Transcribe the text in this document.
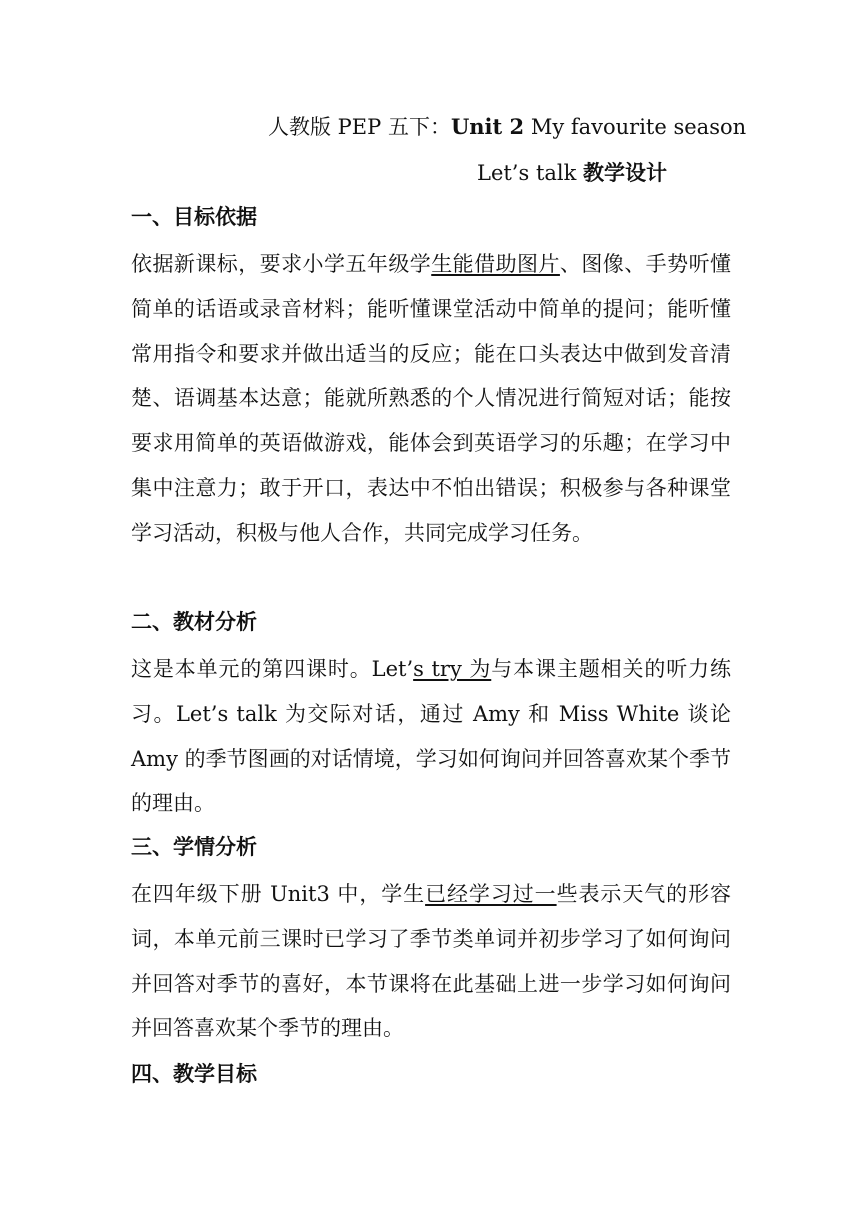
人教版 PEP 五下：Unit 2 My favourite season
Let’s talk 教学设计
一、目标依据
依据新课标，要求小学五年级学生能借助图片、图像、手势听懂简单的话语或录音材料；能听懂课堂活动中简单的提问；能听懂常用指令和要求并做出适当的反应；能在口头表达中做到发音清楚、语调基本达意；能就所熟悉的个人情况进行简短对话；能按要求用简单的英语做游戏，能体会到英语学习的乐趣；在学习中集中注意力；敢于开口，表达中不怕出错误；积极参与各种课堂学习活动，积极与他人合作，共同完成学习任务。
二、教材分析
这是本单元的第四课时。Let’s try 为与本课主题相关的听力练习。Let’s talk 为交际对话，通过 Amy 和 Miss White 谈论 Amy 的季节图画的对话情境，学习如何询问并回答喜欢某个季节的理由。
三、学情分析
在四年级下册 Unit3 中，学生已经学习过一些表示天气的形容词，本单元前三课时已学习了季节类单词并初步学习了如何询问并回答对季节的喜好，本节课将在此基础上进一步学习如何询问并回答喜欢某个季节的理由。
四、教学目标
